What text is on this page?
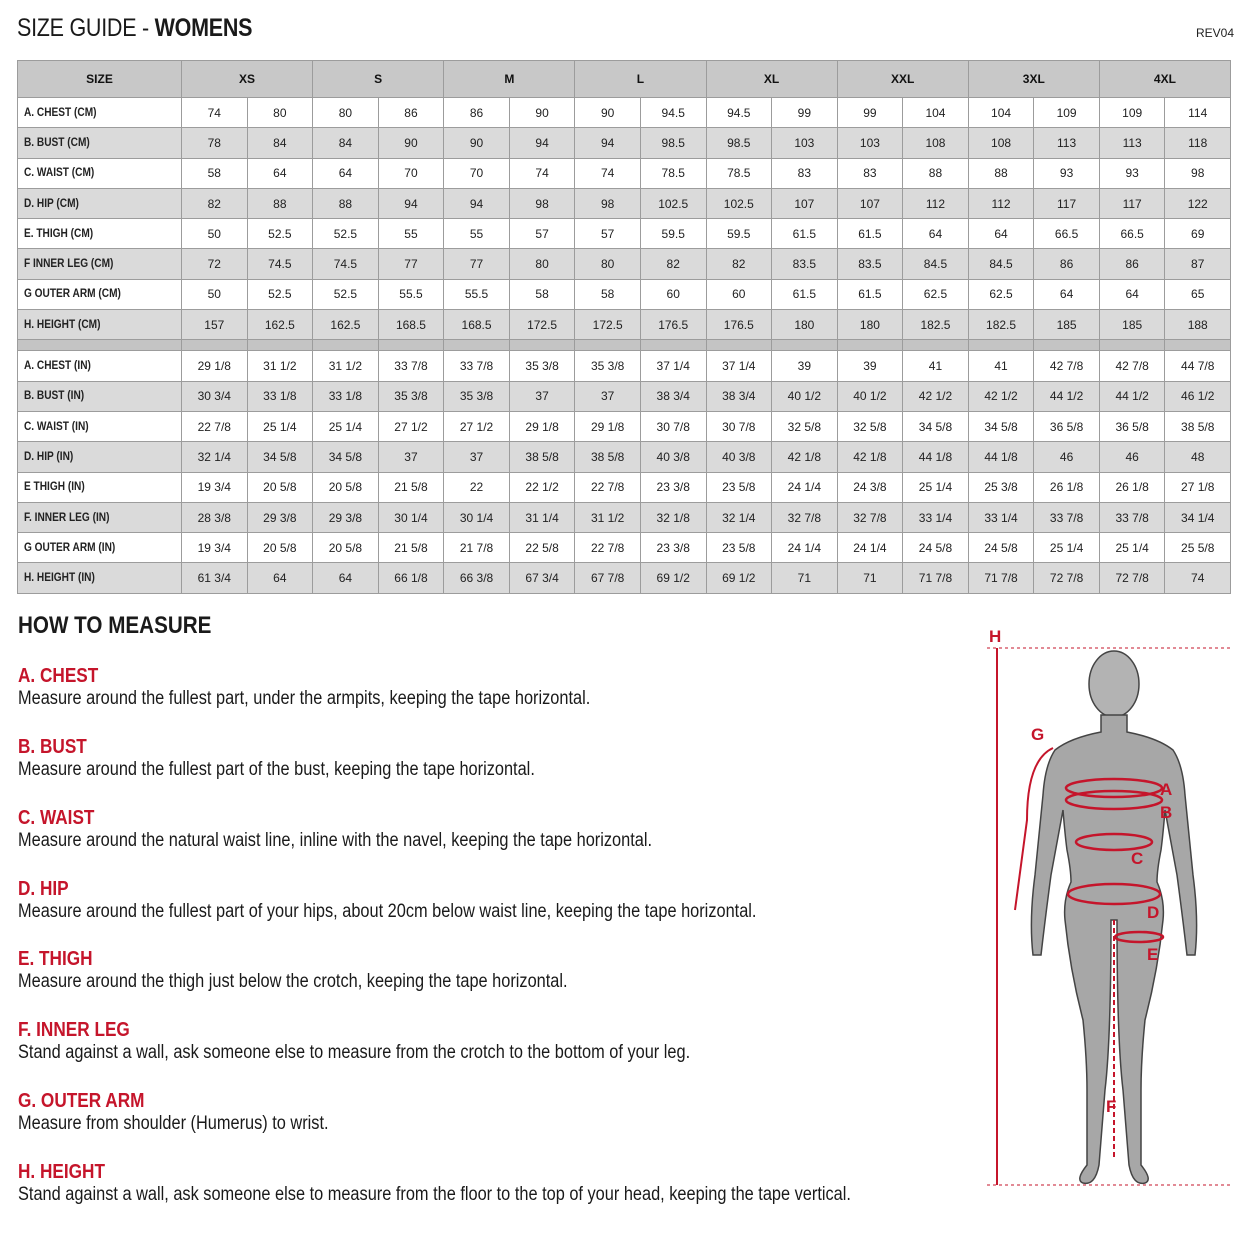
SIZE GUIDE - WOMENS	REV04
SIZE	XS		S		M		L		XL		XXL		3XL		4XL	
A. CHEST (CM)	74	80	80	86	86	90	90	94.5	94.5	99	99	104	104	109	109	114
B. BUST (CM)	78	84	84	90	90	94	94	98.5	98.5	103	103	108	108	113	113	118
C. WAIST (CM)	58	64	64	70	70	74	74	78.5	78.5	83	83	88	88	93	93	98
D. HIP (CM)	82	88	88	94	94	98	98	102.5	102.5	107	107	112	112	117	117	122
E. THIGH (CM)	50	52.5	52.5	55	55	57	57	59.5	59.5	61.5	61.5	64	64	66.5	66.5	69
F INNER LEG (CM)	72	74.5	74.5	77	77	80	80	82	82	83.5	83.5	84.5	84.5	86	86	87
G OUTER ARM (CM)	50	52.5	52.5	55.5	55.5	58	58	60	60	61.5	61.5	62.5	62.5	64	64	65
H. HEIGHT (CM)	157	162.5	162.5	168.5	168.5	172.5	172.5	176.5	176.5	180	180	182.5	182.5	185	185	188

A. CHEST (IN)	29 1/8	31 1/2	31 1/2	33 7/8	33 7/8	35 3/8	35 3/8	37 1/4	37 1/4	39	39	41	41	42 7/8	42 7/8	44 7/8
B. BUST (IN)	30 3/4	33 1/8	33 1/8	35 3/8	35 3/8	37	37	38 3/4	38 3/4	40 1/2	40 1/2	42 1/2	42 1/2	44 1/2	44 1/2	46 1/2
C. WAIST (IN)	22 7/8	25 1/4	25 1/4	27 1/2	27 1/2	29 1/8	29 1/8	30 7/8	30 7/8	32 5/8	32 5/8	34 5/8	34 5/8	36 5/8	36 5/8	38 5/8
D. HIP (IN)	32 1/4	34 5/8	34 5/8	37	37	38 5/8	38 5/8	40 3/8	40 3/8	42 1/8	42 1/8	44 1/8	44 1/8	46	46	48
E THIGH (IN)	19 3/4	20 5/8	20 5/8	21 5/8	22	22 1/2	22 7/8	23 3/8	23 5/8	24 1/4	24 3/8	25 1/4	25 3/8	26 1/8	26 1/8	27 1/8
F. INNER LEG (IN)	28 3/8	29 3/8	29 3/8	30 1/4	30 1/4	31 1/4	31 1/2	32 1/8	32 1/4	32 7/8	32 7/8	33 1/4	33 1/4	33 7/8	33 7/8	34 1/4
G OUTER ARM (IN)	19 3/4	20 5/8	20 5/8	21 5/8	21 7/8	22 5/8	22 7/8	23 3/8	23 5/8	24 1/4	24 1/4	24 5/8	24 5/8	25 1/4	25 1/4	25 5/8
H. HEIGHT (IN)	61 3/4	64	64	66 1/8	66 3/8	67 3/4	67 7/8	69 1/2	69 1/2	71	71	71 7/8	71 7/8	72 7/8	72 7/8	74
HOW TO MEASURE
A. CHEST
Measure around the fullest part, under the armpits, keeping the tape horizontal.
B. BUST
Measure around the fullest part of the bust, keeping the tape horizontal.
C. WAIST
Measure around the natural waist line, inline with the navel, keeping the tape horizontal.
D. HIP
Measure around the fullest part of your hips, about 20cm below waist line, keeping the tape horizontal.
E. THIGH
Measure around the thigh just below the crotch, keeping the tape horizontal.
F. INNER LEG
Stand against a wall, ask someone else to measure from the crotch to the bottom of your leg.
G. OUTER ARM
Measure from shoulder (Humerus) to wrist.
H. HEIGHT
Stand against a wall, ask someone else to measure from the floor to the top of your head, keeping the tape vertical.
H
G
A
B
C
D
E
F
